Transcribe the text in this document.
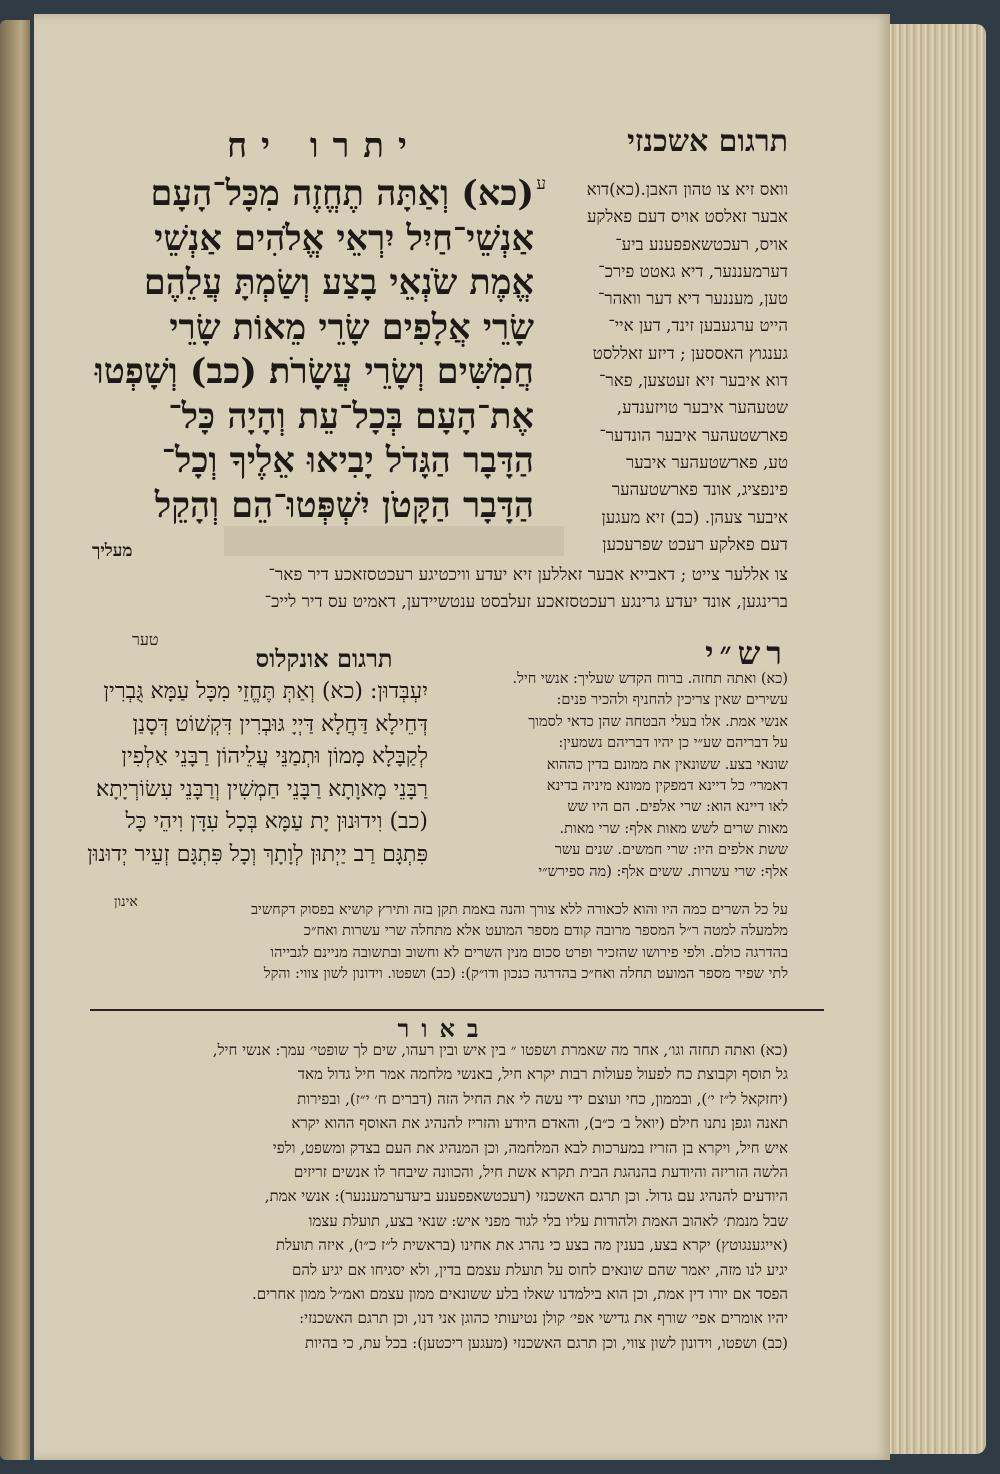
יתרו יח	תרגום אשכנזי
ע
(כא) וְאַתָּה תֶחֱזֶה מִכָּל־הָעָם
אַנְשֵׁי־חַיִל יִרְאֵי אֱלֹהִים אַנְשֵׁי
אֱמֶת שֹׂנְאֵי בָצַע וְשַׂמְתָּ עֲלֵהֶם
שָׂרֵי אֲלָפִים שָׂרֵי מֵאוֹת שָׂרֵי
חֲמִשִּׁים וְשָׂרֵי עֲשָׂרֹת׃ (כב) וְשָׁפְטוּ
אֶת־הָעָם בְּכָל־עֵת וְהָיָה כָּל־
הַדָּבָר הַגָּדֹל יָבִיאוּ אֵלֶיךָ וְכָל־
הַדָּבָר הַקָּטֹן יִשְׁפְּטוּ־הֵם וְהָקֵל
וואס זיא צו טהון האבן.(כא)דוא
אבער זאלסט אויס דעם פאלקע
אויס, רעכטשאפפענע ביע־
דערמעננער, דיא גאטט פירכ־
טען, מעננער דיא דער וואהר־
הייט ערגעבען זינד, דען איי־
גענגוץ האססען ; דיזע זאללסט
דוא איבער זיא זעטצען, פאר־
שטעהער איבער טויזענדע,
פארשטעהער איבער הונדער־
טע, פארשטעהער איבער
פינפציג, אונד פארשטעהער
איבער צעהן. (כב) זיא מעגען
דעם פאלקע רעכט שפרעכען
מעליך
צו אללער צייט ; דאבייא אבער זאללען זיא יעדע וויכטיגע רעכטסזאכע דיר פאר־
ברינגען, אונד יעדע גרינגע רעכטסזאכע זעלבסט ענטשיידען, דאמיט עס דיר לייכ־
טער	רש״י
תרגום אונקלוס
(כא) ואתה תחזה. ברוח הקדש שעליך: אנשי חיל.
עשירים שאין צריכין להחניף ולהכיר פנים:
אנשי אמת. אלו בעלי הבטחה שהן כדאי לסמוך
על דבריהם שע״י כן יהיו דבריהם נשמעין:
שונאי בצע. ששונאין את ממונם בדין כההוא
דאמרי׳ כל דיינא דמפקין ממונא מיניה בדינא
לאו דיינא הוא: שרי אלפים. הם היו שש
מאות שרים לשש מאות אלף: שרי מאות.
ששת אלפים היו: שרי חמשים. שנים עשר
אלף: שרי עשרות. ששים אלף: (מה ספירש״י
יִעְבְּדוּן: (כא) וְאַתְּ תֶּחֱזֵי מִכָּל עַמָּא גֻּבְרִין
דְּחֵילָא דַּחֲלָא דַּיְיָ גּוּבְרִין דִּקְשׁוֹט דְּסָנַן
לְקַבָּלָא מָמוֹן וּתְמַנֵּי עֲלֵיהוֹן רַבָּנֵי אַלְפִין
רַבָּנֵי מָאוָתָא רַבָּנֵי חַמְשִׁין וְרַבָּנֵי עִשׂוֹרְיָתָא׃
(כב) וִידוּנוּן יָת עַמָּא בְּכָל עִדָּן וִיהֵי כָּל
פִּתְגָּם רַב יַיְתוּן לְוָתָךְ וְכָל פִּתְגָּם זְעֵיר יְדוּנוּן
אינון	על כל השרים כמה היו והוא לכאורה ללא צורך והנה באמת תקן בזה ותירץ קושיא בפסוק דקחשיב
מלמעלה למטה ר״ל המספר מרובה קודם מספר המועט אלא מתחלה שרי עשרות ואח״כ
בהדרגה כולם. ולפי פירושו שהזכיר ופרט סכום מנין השרים לא וחשוב ובתשובה מניינם לגבייהו
לתי שפיר מספר המועט תחלה ואח״כ בהדרגה כנכון ודו״ק): (כב) ושפטו. וידונון לשון צווי: והקל
באור
(כא) ואתה תחזה וגו׳, אחר מה שאמרת ושפטו ״ בין איש ובין רעהו, שים לך שופטי׳ עמך: אנשי חיל,
גל תוסף וקבוצת כח לפעול פעולות רבות יקרא חיל, באנשי מלחמה אמר חיל גדול מאד
(יחזקאל ל״ז י׳), ובממון, כחי ועוצם ידי עשה לי את החיל הזה (דברים ח׳ י״ז), ובפירות
תאנה וגפן נתנו חילם (יואל ב׳ כ״ב), והאדם היודע והזריז להנהיג את האוסף ההוא יקרא
איש חיל, ויקרא בן הזריז במערכות לבא המלחמה, וכן המנהיג את העם בצדק ומשפט, ולפי
הלשה הזריזה והיודעת בהנהגת הבית תקרא אשת חיל, והכוונה שיבחר לו אנשים זריזים
היודעים להנהיג עם גדול. וכן תרגם האשכנזי (רעכטשאפפענע ביעדערמעננער): אנשי אמת,
שבל מנמת׳ לאהוב האמת ולהודות עליו בלי לגור מפני איש: שנאי בצע, תועלת עצמו
(אייגענגוטץ) יקרא בצע, בענין מה בצע כי נהרג את אחינו (בראשית ל״ז כ״ו), איזה תועלת
יגיע לנו מזה, יאמר שהם שונאים לחוס על תועלת עצמם בדין, ולא יסגיחו אם יגיע להם
הפסד אם יורו דין אמת, וכן הוא בילמדנו שאלו בלע ששונאים ממון עצמם ואמ״ל ממון אחרים.
יהיו אומרים אפי׳ שורף את גדישי אפי׳ קולן נטיעותי כהוגן אני דנו, וכן תרגם האשכנזי:
(כב) ושפטו, וידונון לשון צווי, וכן תרגם האשכנזי (מעגען ריכטען): בכל עת, כי בהיות
